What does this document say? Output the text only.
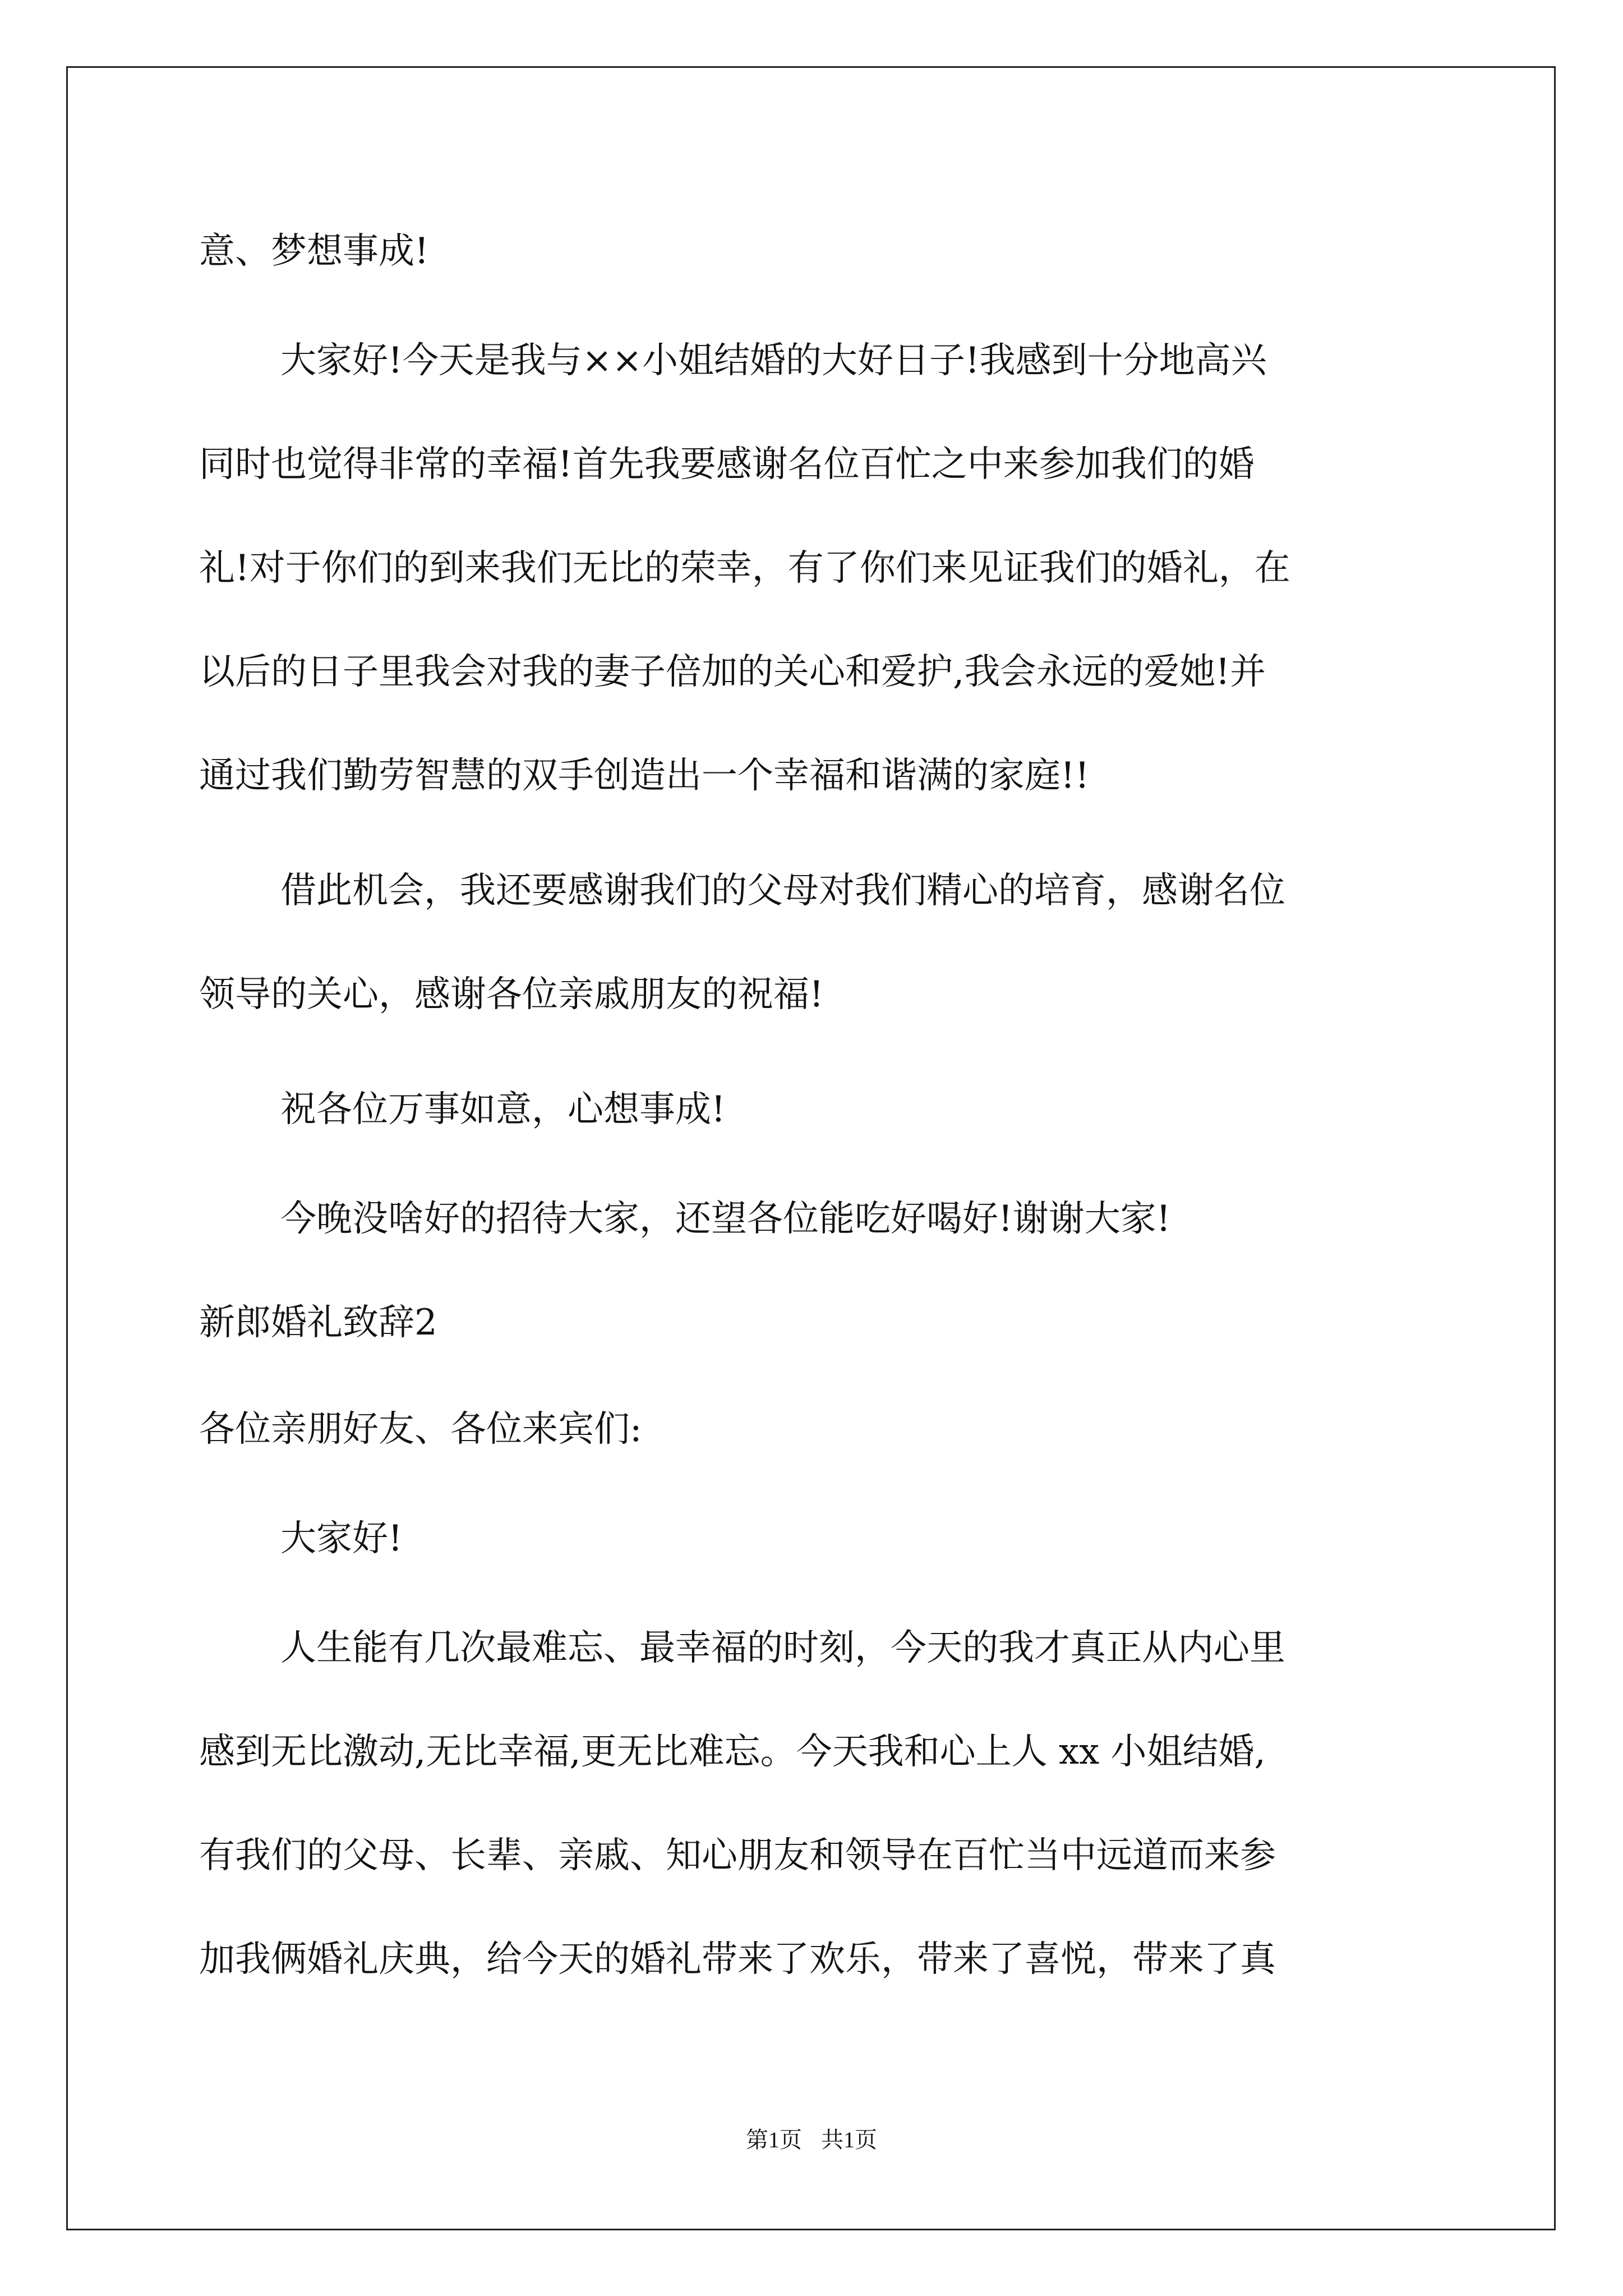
意、梦想事成!
大家好!今天是我与××小姐结婚的大好日子!我感到十分地高兴
同时也觉得非常的幸福!首先我要感谢名位百忙之中来参加我们的婚
礼!对于你们的到来我们无比的荣幸，有了你们来见证我们的婚礼，在
以后的日子里我会对我的妻子倍加的关心和爱护,我会永远的爱她!并
通过我们勤劳智慧的双手创造出一个幸福和谐满的家庭!!
借此机会，我还要感谢我们的父母对我们精心的培育，感谢名位
领导的关心，感谢各位亲戚朋友的祝福!
祝各位万事如意，心想事成!
今晚没啥好的招待大家，还望各位能吃好喝好!谢谢大家!
新郎婚礼致辞2
各位亲朋好友、各位来宾们:
大家好!
人生能有几次最难忘、最幸福的时刻，今天的我才真正从内心里
感到无比激动,无比幸福,更无比难忘。今天我和心上人 xx 小姐结婚,
有我们的父母、长辈、亲戚、知心朋友和领导在百忙当中远道而来参
加我俩婚礼庆典，给今天的婚礼带来了欢乐，带来了喜悦，带来了真
第1页 共1页
